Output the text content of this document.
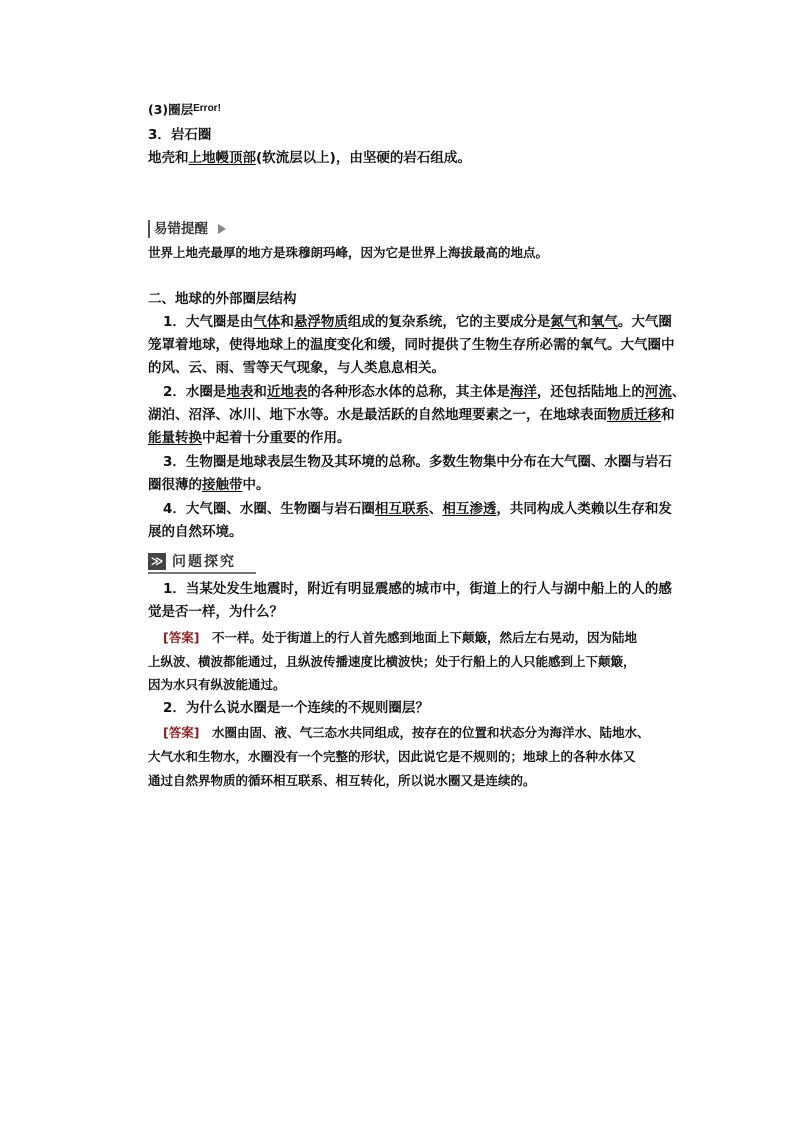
(3)圈层$^{Error!}$
3．岩石圈
地壳和上地幔顶部(软流层以上)，由坚硬的岩石组成。
易错提醒
世界上地壳最厚的地方是珠穆朗玛峰，因为它是世界上海拔最高的地点。
二、地球的外部圈层结构
1．大气圈是由气体和悬浮物质组成的复杂系统，它的主要成分是氮气和氧气。大气圈
笼罩着地球，使得地球上的温度变化和缓，同时提供了生物生存所必需的氧气。大气圈中
的风、云、雨、雪等天气现象，与人类息息相关。
2．水圈是地表和近地表的各种形态水体的总称，其主体是海洋，还包括陆地上的河流、
湖泊、沼泽、冰川、地下水等。水是最活跃的自然地理要素之一，在地球表面物质迁移和
能量转换中起着十分重要的作用。
3．生物圈是地球表层生物及其环境的总称。多数生物集中分布在大气圈、水圈与岩石
圈很薄的接触带中。
4．大气圈、水圈、生物圈与岩石圈相互联系、相互渗透，共同构成人类赖以生存和发
展的自然环境。
≫ 问题探究
1．当某处发生地震时，附近有明显震感的城市中，街道上的行人与湖中船上的人的感
觉是否一样，为什么？
[答案]　不一样。处于街道上的行人首先感到地面上下颠簸，然后左右晃动，因为陆地
上纵波、横波都能通过，且纵波传播速度比横波快；处于行船上的人只能感到上下颠簸，
因为水只有纵波能通过。
2．为什么说水圈是一个连续的不规则圈层？
[答案]　水圈由固、液、气三态水共同组成，按存在的位置和状态分为海洋水、陆地水、
大气水和生物水，水圈没有一个完整的形状，因此说它是不规则的；地球上的各种水体又
通过自然界物质的循环相互联系、相互转化，所以说水圈又是连续的。
